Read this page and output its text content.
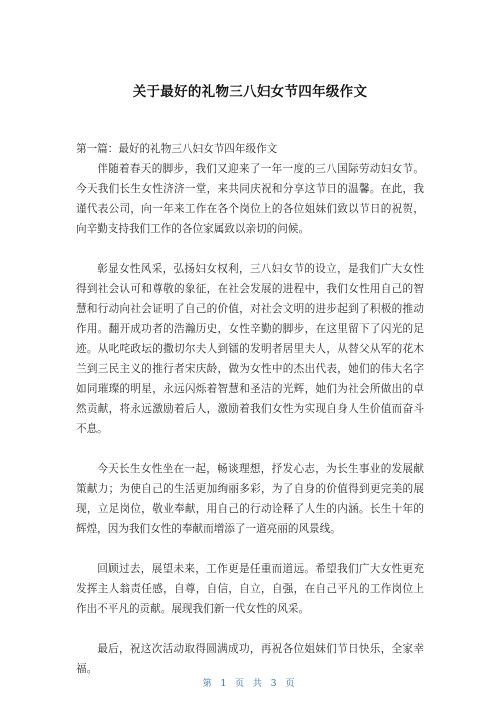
关于最好的礼物三八妇女节四年级作文

第一篇：最好的礼物三八妇女节四年级作文

伴随着春天的脚步，我们又迎来了一年一度的三八国际劳动妇女节。今天我们长生女性济济一堂，来共同庆祝和分享这节日的温馨。在此，我谨代表公司，向一年来工作在各个岗位上的各位姐妹们致以节日的祝贺，向辛勤支持我们工作的各位家属致以亲切的问候。

彰显女性风采，弘扬妇女权利，三八妇女节的设立，是我们广大女性得到社会认可和尊敬的象征，在社会发展的进程中，我们女性用自己的智慧和行动向社会证明了自己的价值，对社会文明的进步起到了积极的推动作用。翻开成功者的浩瀚历史，女性辛勤的脚步，在这里留下了闪光的足迹。从叱咤政坛的撒切尔夫人到镭的发明者居里夫人，从替父从军的花木兰到三民主义的推行者宋庆龄，做为女性中的杰出代表，她们的伟大名字如同璀璨的明星，永远闪烁着智慧和圣洁的光辉，她们为社会所做出的卓然贡献，将永远激励着后人，激励着我们女性为实现自身人生价值而奋斗不息。

今天长生女性坐在一起，畅谈理想，抒发心志，为长生事业的发展献策献力；为使自己的生活更加绚丽多彩，为了自身的价值得到更完美的展现，立足岗位，敬业奉献，用自己的行动诠释了人生的内涵。长生十年的辉煌，因为我们女性的奉献而增添了一道亮丽的风景线。

回顾过去，展望未来，工作更是任重而道远。希望我们广大女性更充发挥主人翁责任感，自尊，自信，自立，自强，在自己平凡的工作岗位上作出不平凡的贡献。展现我们新一代女性的风采。

最后，祝这次活动取得圆满成功，再祝各位姐妹们节日快乐，全家幸福。

第 1 页 共 3 页
